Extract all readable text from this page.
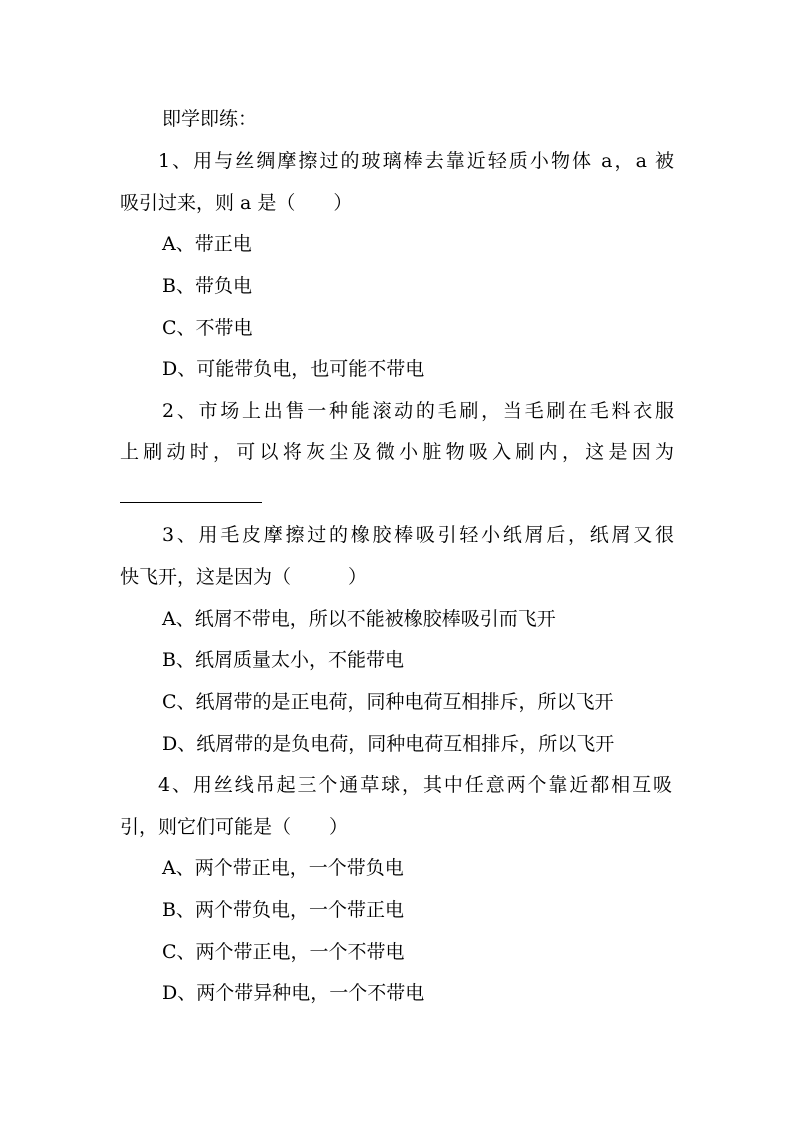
即学即练：
1、用与丝绸摩擦过的玻璃棒去靠近轻质小物体 a，a 被
吸引过来，则 a 是（　　）
A、带正电
B、带负电
C、不带电
D、可能带负电，也可能不带电
2、市场上出售一种能滚动的毛刷，当毛刷在毛料衣服
上刷动时，可以将灰尘及微小脏物吸入刷内，这是因为
3、用毛皮摩擦过的橡胶棒吸引轻小纸屑后，纸屑又很
快飞开，这是因为（　　　）
A、纸屑不带电，所以不能被橡胶棒吸引而飞开
B、纸屑质量太小，不能带电
C、纸屑带的是正电荷，同种电荷互相排斥，所以飞开
D、纸屑带的是负电荷，同种电荷互相排斥，所以飞开
4、用丝线吊起三个通草球，其中任意两个靠近都相互吸
引，则它们可能是（　　）
A、两个带正电，一个带负电
B、两个带负电，一个带正电
C、两个带正电，一个不带电
D、两个带异种电，一个不带电
